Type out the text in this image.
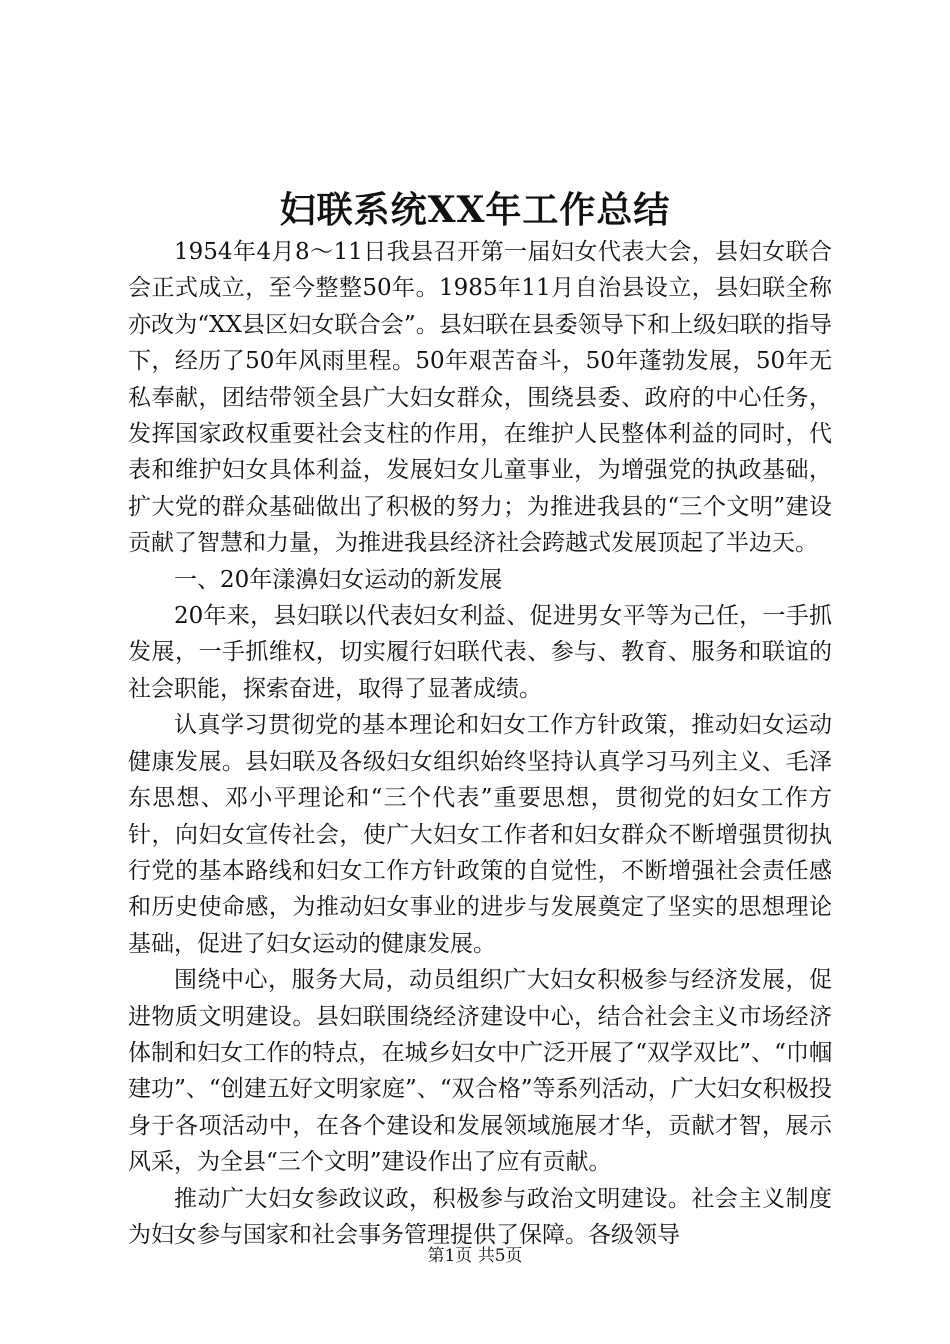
妇联系统XX年工作总结

1954年4月8～11日我县召开第一届妇女代表大会，县妇女联合会正式成立，至今整整50年。1985年11月自治县设立，县妇联全称亦改为“XX县区妇女联合会”。县妇联在县委领导下和上级妇联的指导下，经历了50年风雨里程。50年艰苦奋斗，50年蓬勃发展，50年无私奉献，团结带领全县广大妇女群众，围绕县委、政府的中心任务，发挥国家政权重要社会支柱的作用，在维护人民整体利益的同时，代表和维护妇女具体利益，发展妇女儿童事业，为增强党的执政基础，扩大党的群众基础做出了积极的努力；为推进我县的“三个文明”建设贡献了智慧和力量，为推进我县经济社会跨越式发展顶起了半边天。

一、20年漾濞妇女运动的新发展

20年来，县妇联以代表妇女利益、促进男女平等为己任，一手抓发展，一手抓维权，切实履行妇联代表、参与、教育、服务和联谊的社会职能，探索奋进，取得了显著成绩。

认真学习贯彻党的基本理论和妇女工作方针政策，推动妇女运动健康发展。县妇联及各级妇女组织始终坚持认真学习马列主义、毛泽东思想、邓小平理论和“三个代表”重要思想，贯彻党的妇女工作方针，向妇女宣传社会，使广大妇女工作者和妇女群众不断增强贯彻执行党的基本路线和妇女工作方针政策的自觉性，不断增强社会责任感和历史使命感，为推动妇女事业的进步与发展奠定了坚实的思想理论基础，促进了妇女运动的健康发展。

围绕中心，服务大局，动员组织广大妇女积极参与经济发展，促进物质文明建设。县妇联围绕经济建设中心，结合社会主义市场经济体制和妇女工作的特点，在城乡妇女中广泛开展了“双学双比”、“巾帼建功”、“创建五好文明家庭”、“双合格”等系列活动，广大妇女积极投身于各项活动中，在各个建设和发展领域施展才华，贡献才智，展示风采，为全县“三个文明”建设作出了应有贡献。

推动广大妇女参政议政，积极参与政治文明建设。社会主义制度为妇女参与国家和社会事务管理提供了保障。各级领导

第1页 共5页
